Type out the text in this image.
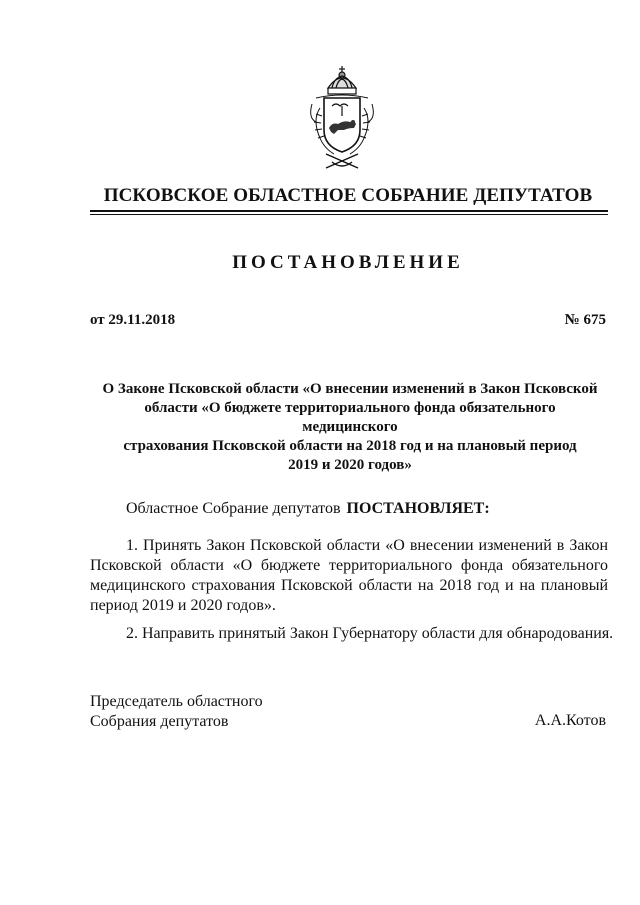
ПСКОВСКОЕ ОБЛАСТНОЕ СОБРАНИЕ ДЕПУТАТОВ
ПОСТАНОВЛЕНИЕ
от 29.11.2018	№ 675
О Законе Псковской области «О внесении изменений в Закон Псковской
области «О бюджете территориального фонда обязательного медицинского
страхования Псковской области на 2018 год и на плановый период
2019 и 2020 годов»
Областное Собрание депутатов ПОСТАНОВЛЯЕТ:
1. Принять Закон Псковской области «О внесении изменений в Закон Псковской области «О бюджете территориального фонда обязательного медицинского страхования Псковской области на 2018 год и на плановый период 2019 и 2020 годов».
2. Направить принятый Закон Губернатору области для обнародования.
Председатель областного
Собрания депутатов	А.А.Котов
